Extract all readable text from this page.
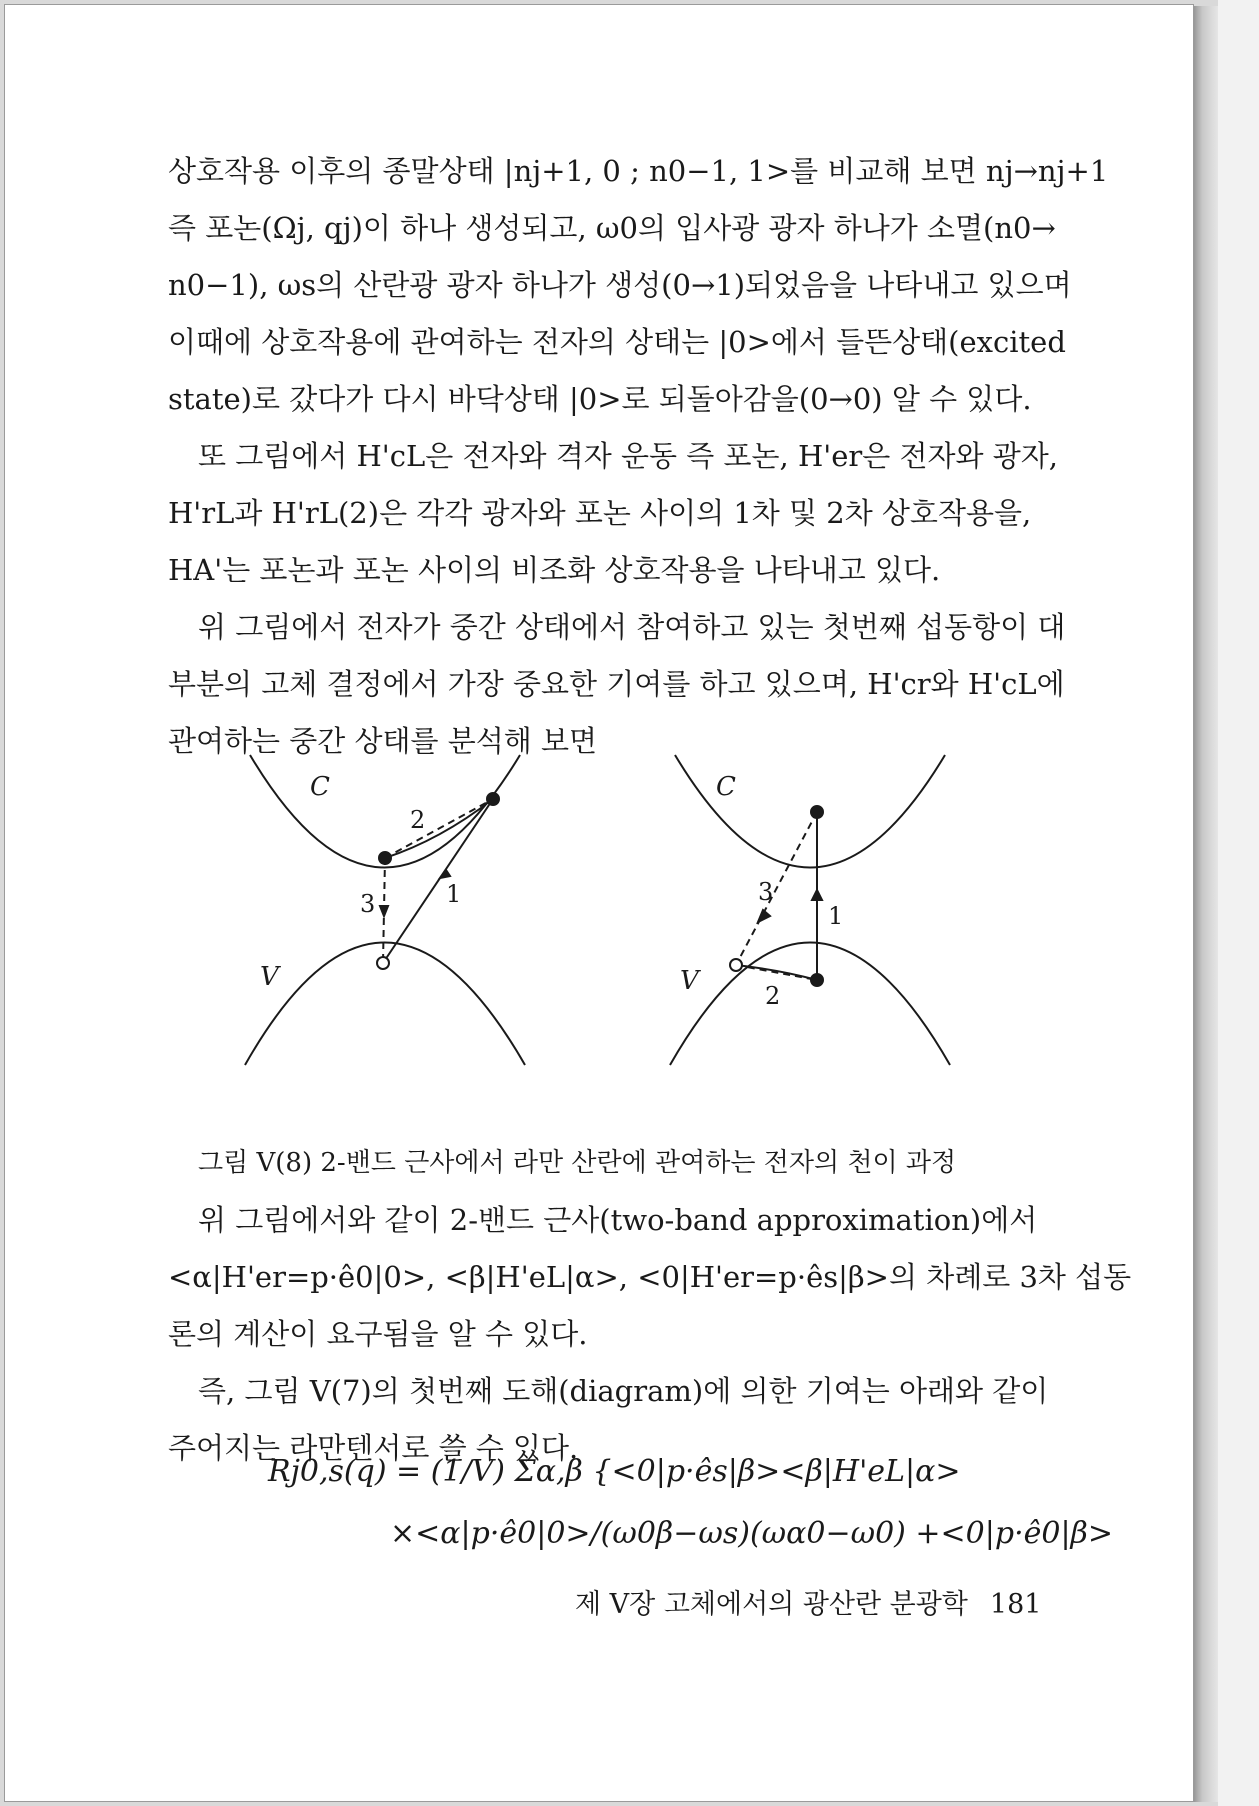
상호작용 이후의 종말상태 |nj+1, 0 ; n0−1, 1>를 비교해 보면 nj→nj+1
즉 포논(Ωj, qj)이 하나 생성되고, ω0의 입사광 광자 하나가 소멸(n0→
n0−1), ωs의 산란광 광자 하나가 생성(0→1)되었음을 나타내고 있으며
이때에 상호작용에 관여하는 전자의 상태는 |0>에서 들뜬상태(excited
state)로 갔다가 다시 바닥상태 |0>로 되돌아감을(0→0) 알 수 있다.
또 그림에서 H'cL은 전자와 격자 운동 즉 포논, H'er은 전자와 광자,
H'rL과 H'rL(2)은 각각 광자와 포논 사이의 1차 및 2차 상호작용을,
HA'는 포논과 포논 사이의 비조화 상호작용을 나타내고 있다.
위 그림에서 전자가 중간 상태에서 참여하고 있는 첫번째 섭동항이 대
부분의 고체 결정에서 가장 중요한 기여를 하고 있으며, H'cr와 H'cL에
관여하는 중간 상태를 분석해 보면
C
V
1
2
3
C
V
1
2
3
그림 V(8) 2-밴드 근사에서 라만 산란에 관여하는 전자의 천이 과정
위 그림에서와 같이 2-밴드 근사(two-band approximation)에서
<α|H'er=p·ê0|0>, <β|H'eL|α>, <0|H'er=p·ês|β>의 차례로 3차 섭동
론의 계산이 요구됨을 알 수 있다.
즉, 그림 V(7)의 첫번째 도해(diagram)에 의한 기여는 아래와 같이
주어지는 라만텐서로 쓸 수 있다.
Rj0,s(q) = (1/V) Σα,β {<0|p·ês|β><β|H'eL|α>
×<α|p·ê0|0>/(ω0β−ωs)(ωα0−ω0) +<0|p·ê0|β>
제 V장 고체에서의 광산란 분광학 181
